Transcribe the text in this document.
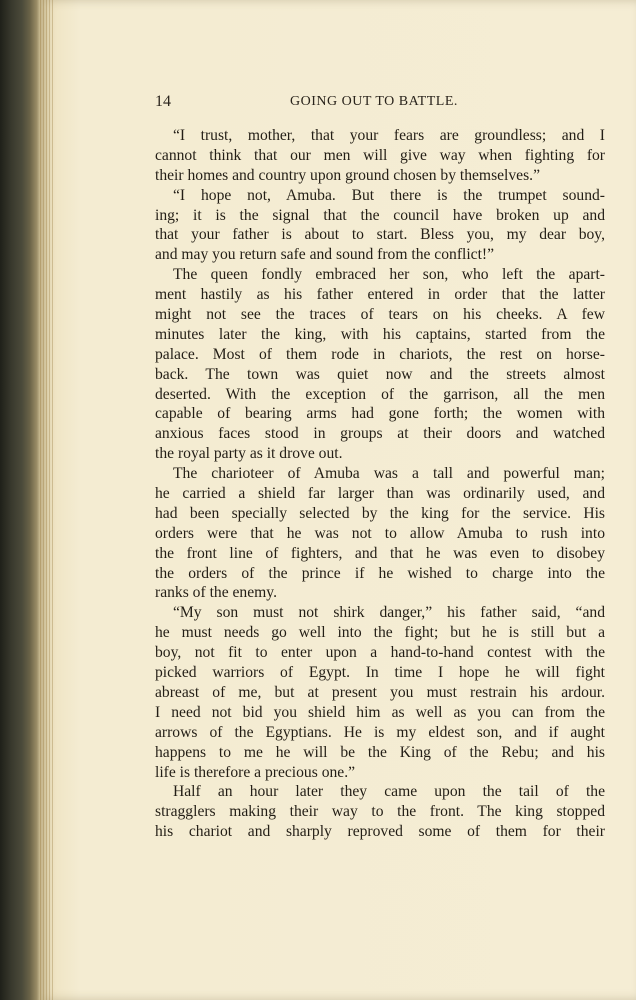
14	GOING OUT TO BATTLE.
“I trust, mother, that your fears are groundless; and I
cannot think that our men will give way when fighting for
their homes and country upon ground chosen by themselves.”
“I hope not, Amuba. But there is the trumpet sound-
ing; it is the signal that the council have broken up and
that your father is about to start. Bless you, my dear boy,
and may you return safe and sound from the conflict!”
The queen fondly embraced her son, who left the apart-
ment hastily as his father entered in order that the latter
might not see the traces of tears on his cheeks. A few
minutes later the king, with his captains, started from the
palace. Most of them rode in chariots, the rest on horse-
back. The town was quiet now and the streets almost
deserted. With the exception of the garrison, all the men
capable of bearing arms had gone forth; the women with
anxious faces stood in groups at their doors and watched
the royal party as it drove out.
The charioteer of Amuba was a tall and powerful man;
he carried a shield far larger than was ordinarily used, and
had been specially selected by the king for the service. His
orders were that he was not to allow Amuba to rush into
the front line of fighters, and that he was even to disobey
the orders of the prince if he wished to charge into the
ranks of the enemy.
“My son must not shirk danger,” his father said, “and
he must needs go well into the fight; but he is still but a
boy, not fit to enter upon a hand-to-hand contest with the
picked warriors of Egypt. In time I hope he will fight
abreast of me, but at present you must restrain his ardour.
I need not bid you shield him as well as you can from the
arrows of the Egyptians. He is my eldest son, and if aught
happens to me he will be the King of the Rebu; and his
life is therefore a precious one.”
Half an hour later they came upon the tail of the
stragglers making their way to the front. The king stopped
his chariot and sharply reproved some of them for their
